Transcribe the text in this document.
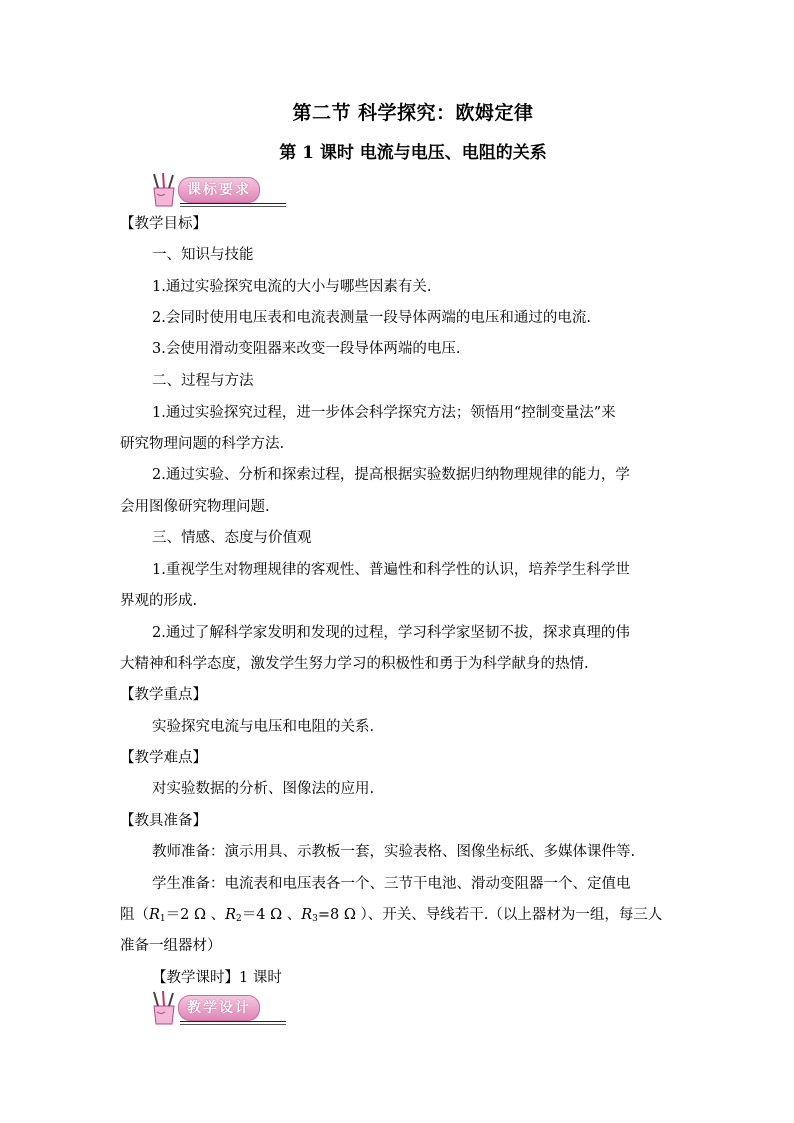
第二节 科学探究：欧姆定律
第 1 课时 电流与电压、电阻的关系
课标要求
【教学目标】
一、知识与技能
1.通过实验探究电流的大小与哪些因素有关.
2.会同时使用电压表和电流表测量一段导体两端的电压和通过的电流.
3.会使用滑动变阻器来改变一段导体两端的电压.
二、过程与方法
1.通过实验探究过程，进一步体会科学探究方法；领悟用“控制变量法”来
研究物理问题的科学方法.
2.通过实验、分析和探索过程，提高根据实验数据归纳物理规律的能力，学
会用图像研究物理问题.
三、情感、态度与价值观
1.重视学生对物理规律的客观性、普遍性和科学性的认识，培养学生科学世
界观的形成.
2.通过了解科学家发明和发现的过程，学习科学家坚韧不拔，探求真理的伟
大精神和科学态度，激发学生努力学习的积极性和勇于为科学献身的热情.
【教学重点】
实验探究电流与电压和电阻的关系.
【教学难点】
对实验数据的分析、图像法的应用.
【教具准备】
教师准备：演示用具、示教板一套，实验表格、图像坐标纸、多媒体课件等.
学生准备：电流表和电压表各一个、三节干电池、滑动变阻器一个、定值电
阻（$R_1=2$ Ω 、$R_2=4$ Ω 、$R_3=8$ Ω ）、开关、导线若干.（以上器材为一组，每三人
准备一组器材）
【教学课时】1 课时
教学设计
